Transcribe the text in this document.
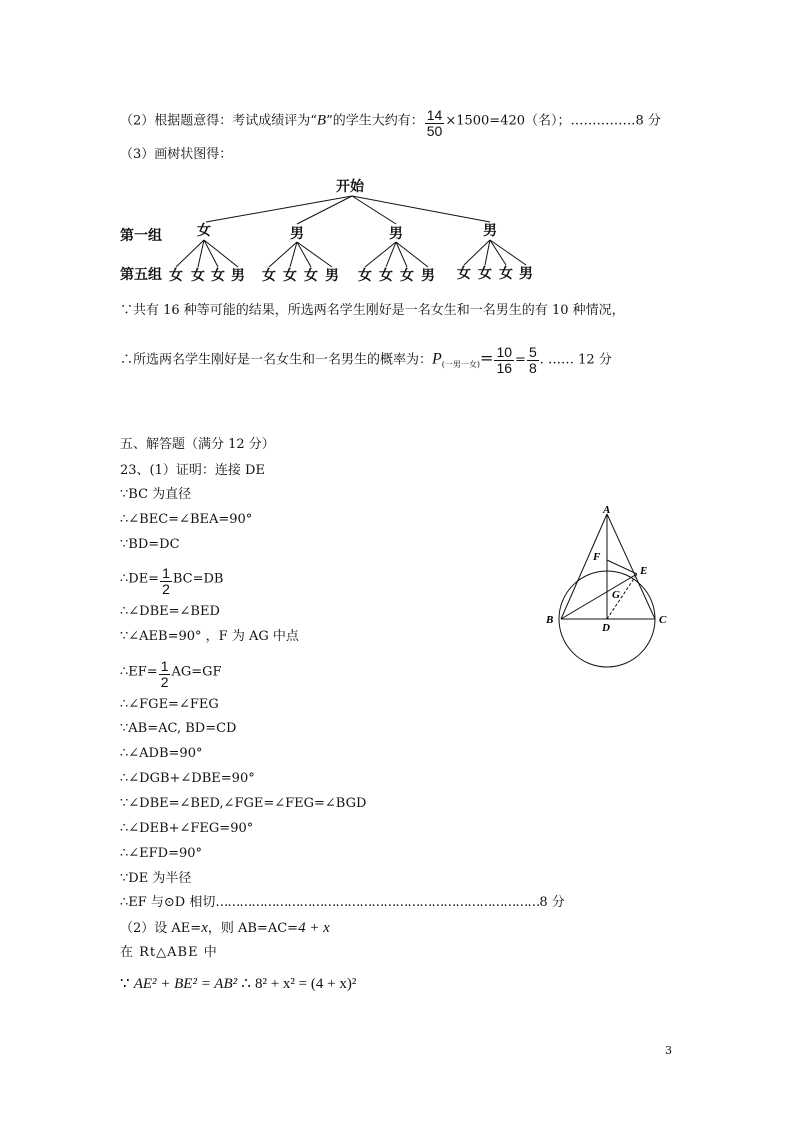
（2）根据题意得：考试成绩评为“B”的学生大约有： $\frac{14}{50} \times 1500=420$（名）；……………8 分
（3）画树状图得：
开始
第一组
第五组
女	男	男	男
女 女 女 男 女 女 女 男 女 女 女 男 女 女 女 男
∵共有 16 种等可能的结果，所选两名学生刚好是一名女生和一名男生的有 10 种情况，
∴所选两名学生刚好是一名女生和一名男生的概率为：$P_{(一男一女)}= \frac{10}{16} = \frac{5}{8}$ . …… 12 分
五、解答题（满分 12 分）
23、(1）证明：连接 DE
∵BC 为直径
∴∠BEC=∠BEA=90°
∵BD=DC
∴DE= $\frac{1}{2} BC=DB$
∴∠DBE=∠BED
∵∠AEB=90° ，F 为 AG 中点
∴EF= $\frac{1}{2} AG=GF$
∴∠FGE=∠FEG
∵AB=AC, BD=CD
∴∠ADB=90°
∴∠DGB+∠DBE=90°
∵∠DBE=∠BED,∠FGE=∠FEG=∠BGD
∴∠DEB+∠FEG=90°
∴∠EFD=90°
∵DE 为半径
∴EF 与⊙D 相切………………………………………………………………………8 分
（2）设 AE=x，则 AB=AC=4 + x
在 Rt△ABE 中
∵ AE² + BE² = AB² ∴ 8² + x² = (4 + x)²
A
F
E
G
B
D
C
3
